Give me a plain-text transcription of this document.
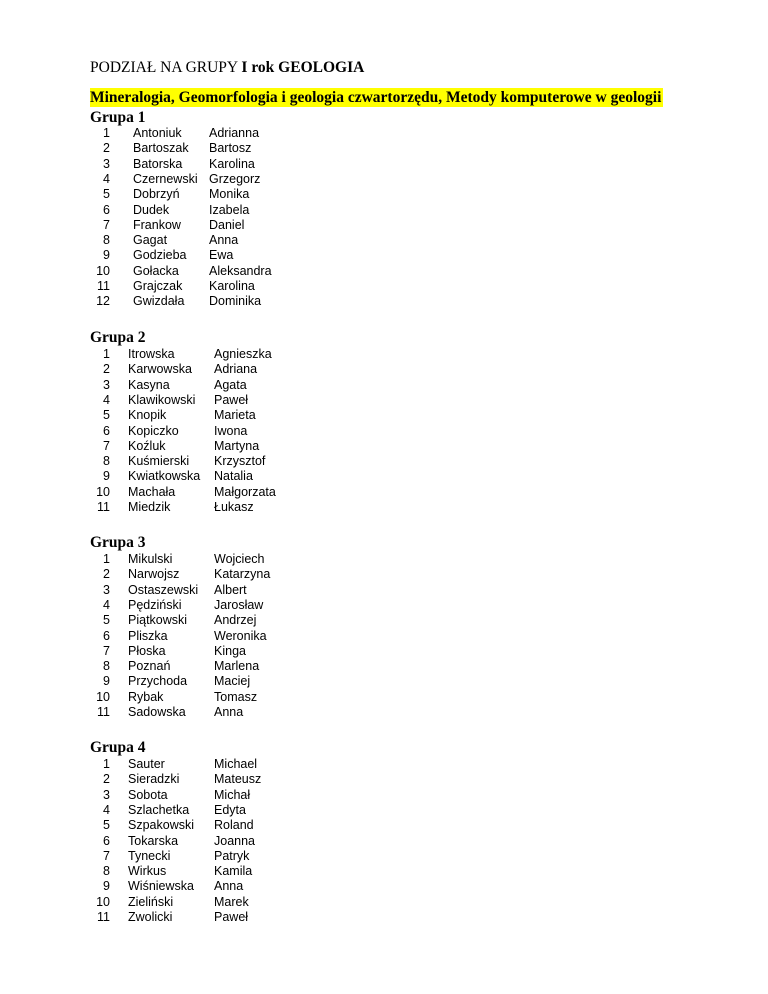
PODZIAŁ NA GRUPY I rok GEOLOGIA
Mineralogia, Geomorfologia i geologia czwartorzędu, Metody komputerowe w geologii
Grupa 1
1 Antoniuk Adrianna
2 Bartoszak Bartosz
3 Batorska Karolina
4 Czernewski Grzegorz
5 Dobrzyń Monika
6 Dudek	Izabela
7 Frankow Daniel
8 Gagat	Anna
9 Godzieba Ewa
10 Gołacka Aleksandra
11 Grajczak Karolina
12 Gwizdała Dominika
Grupa 2
1 Itrowska	Agnieszka
2 Karwowska Adriana
3 Kasyna	Agata
4 Klawikowski Paweł
5 Knopik	Marieta
6 Kopiczko	Iwona
7 Koźluk	Martyna
8 Kuśmierski Krzysztof
9 Kwiatkowska Natalia
10 Machała	Małgorzata
11 Miedzik	Łukasz
Grupa 3
1 Mikulski	Wojciech
2 Narwojsz	Katarzyna
3 Ostaszewski Albert
4 Pędziński	Jarosław
5 Piątkowski Andrzej
6 Pliszka	Weronika
7 Płoska	Kinga
8 Poznań	Marlena
9 Przychoda Maciej
10 Rybak	Tomasz
11 Sadowska Anna
Grupa 4
1 Sauter	Michael
2 Sieradzki	Mateusz
3 Sobota	Michał
4 Szlachetka Edyta
5 Szpakowski Roland
6 Tokarska	Joanna
7 Tynecki	Patryk
8 Wirkus	Kamila
9 Wiśniewska Anna
10 Zieliński	Marek
11 Zwolicki	Paweł
